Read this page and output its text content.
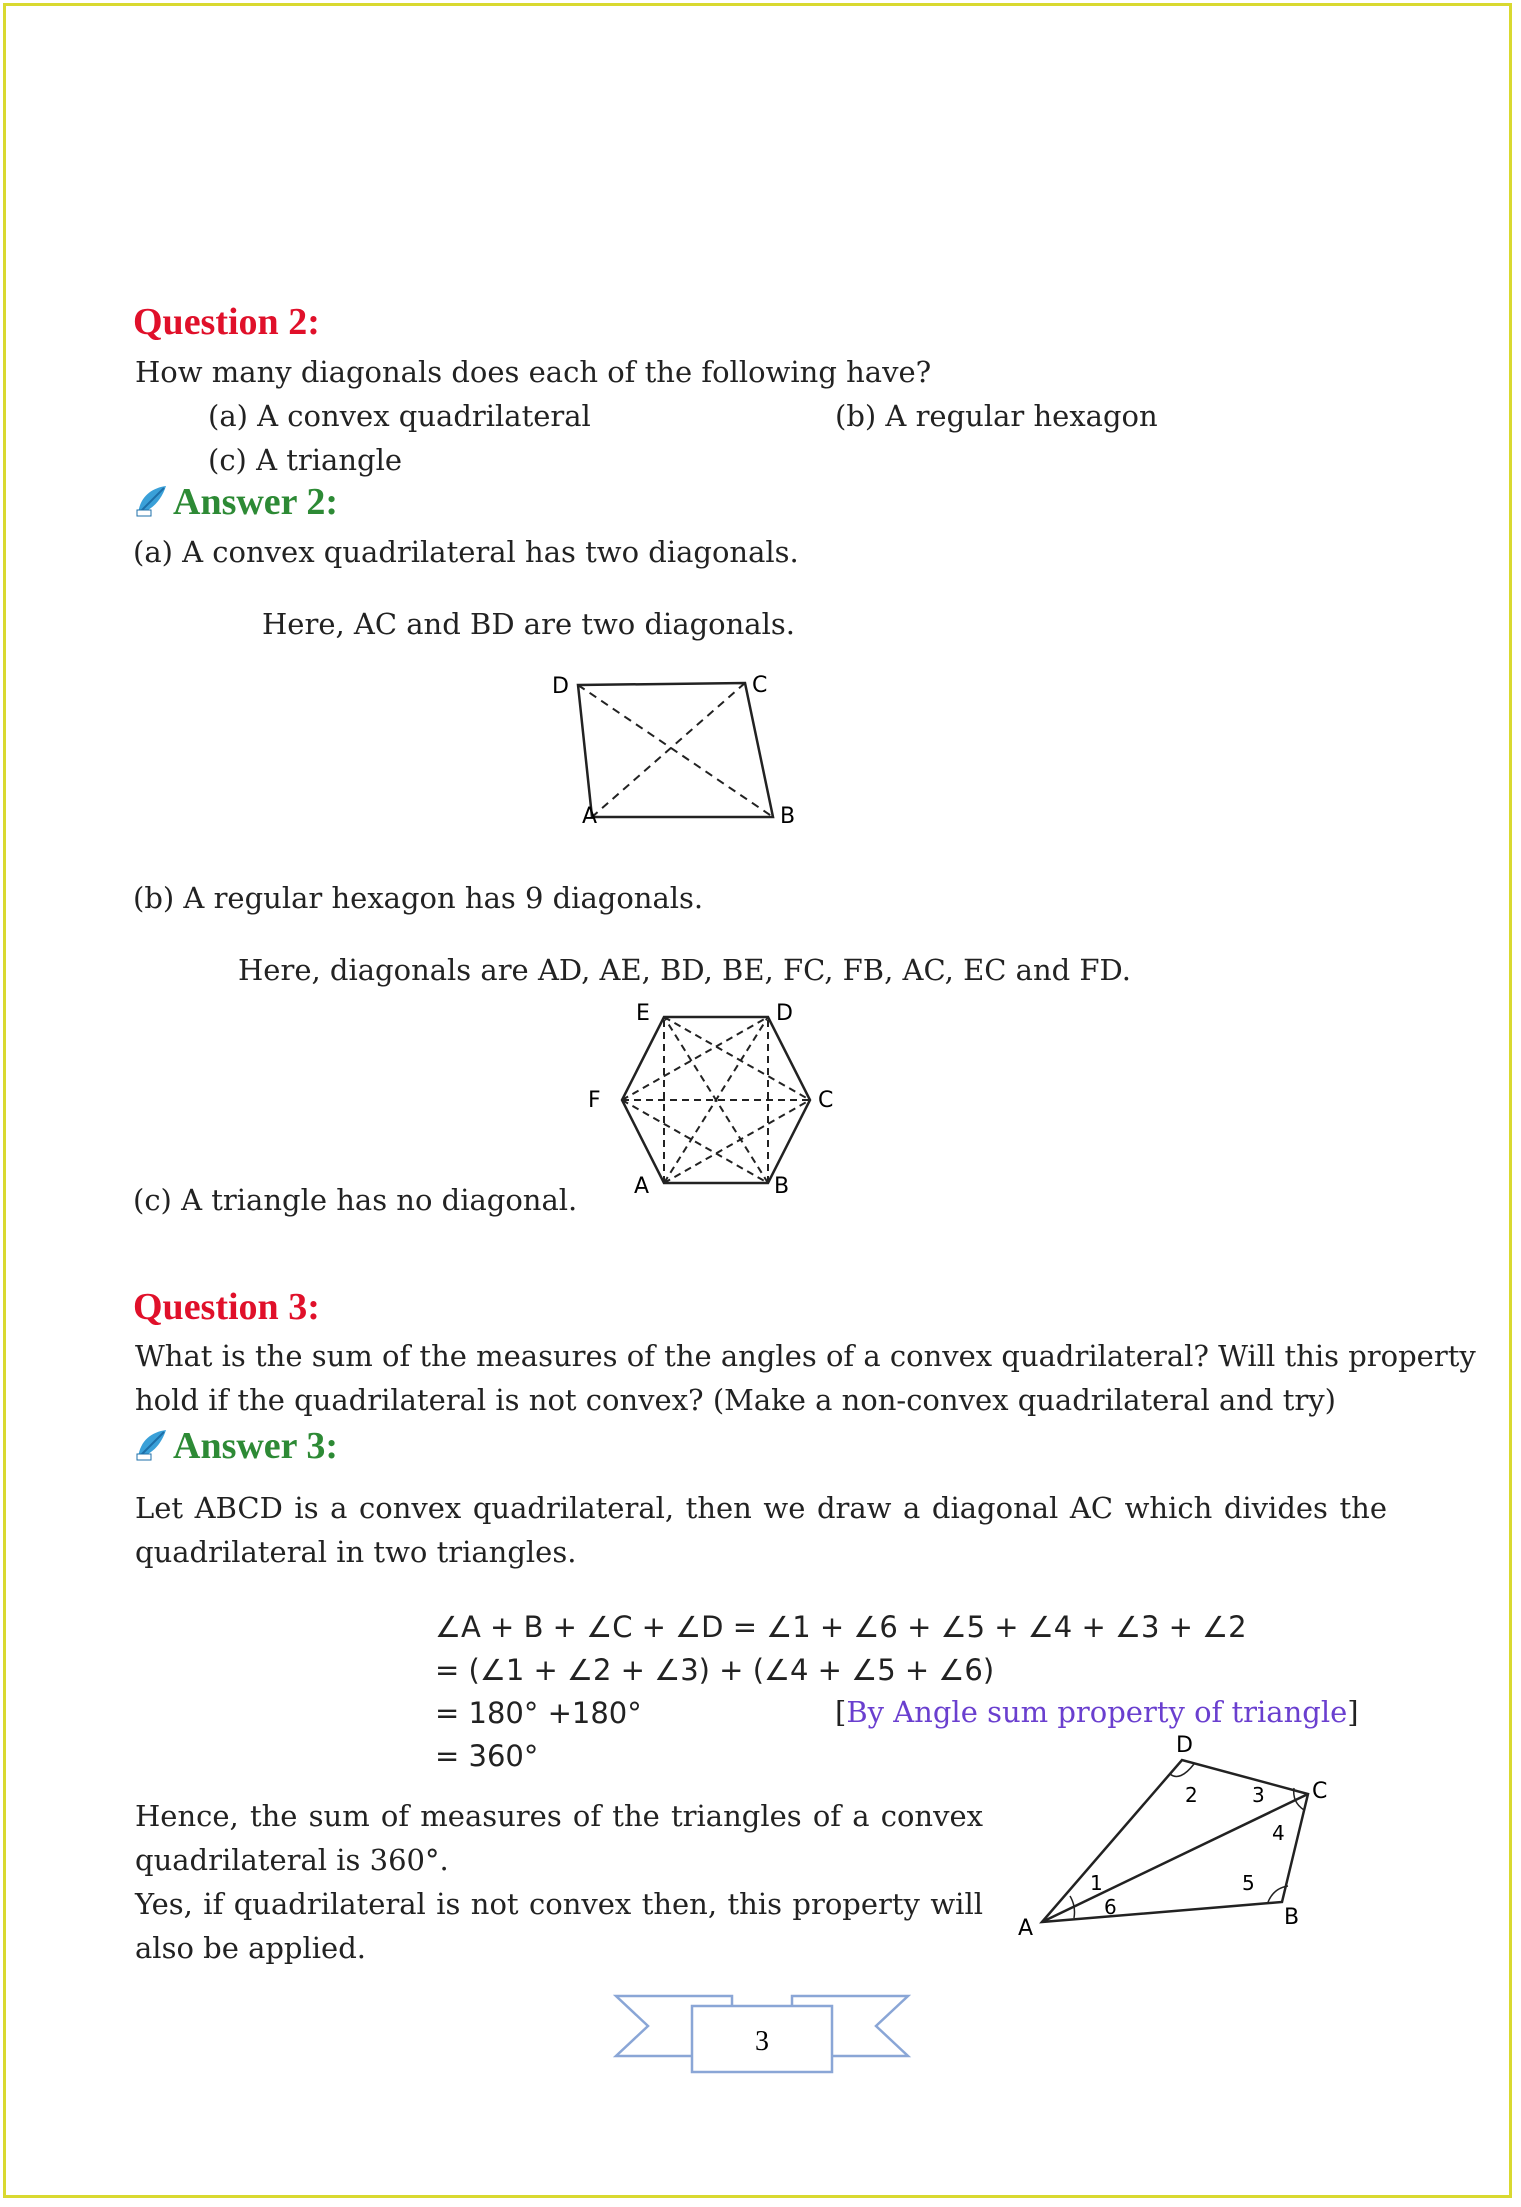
Question 2:
How many diagonals does each of the following have?
(a) A convex quadrilateral	(b) A regular hexagon
(c) A triangle
Answer 2:
(a) A convex quadrilateral has two diagonals.
Here, AC and BD are two diagonals.
D	C
A	B
(b) A regular hexagon has 9 diagonals.
Here, diagonals are AD, AE, BD, BE, FC, FB, AC, EC and FD.
E	D
F	C
A	B
(c) A triangle has no diagonal.
Question 3:
What is the sum of the measures of the angles of a convex quadrilateral? Will this property
hold if the quadrilateral is not convex? (Make a non-convex quadrilateral and try)
Answer 3:
Let ABCD is a convex quadrilateral, then we draw a diagonal AC which divides the
quadrilateral in two triangles.
∠A + B + ∠C + ∠D = ∠1 + ∠6 + ∠5 + ∠4 + ∠3 + ∠2
= (∠1 + ∠2 + ∠3) + (∠4 + ∠5 + ∠6)
= 180° +180°	[By Angle sum property of triangle]
= 360°
Hence, the sum of measures of the triangles of a convex
quadrilateral is 360°.
Yes, if quadrilateral is not convex then, this property will
also be applied.
D
C
A	B
1
2	3
4
5
6
3
